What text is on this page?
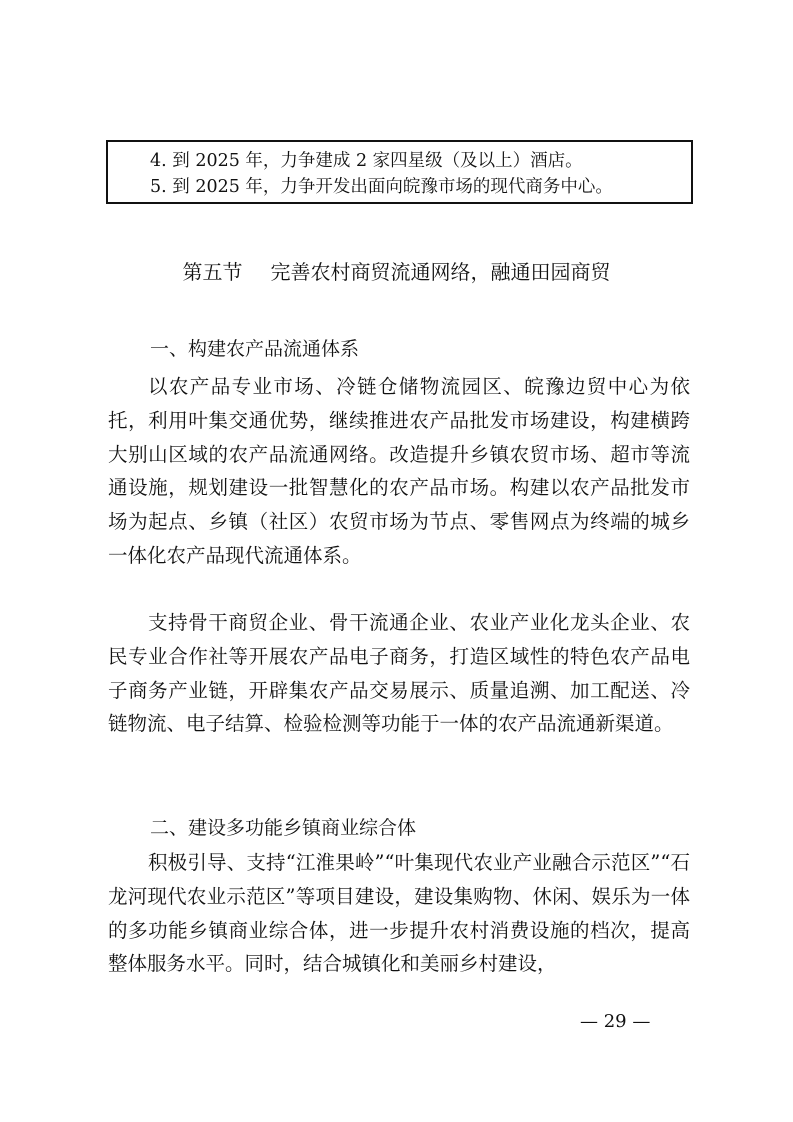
4. 到 2025 年，力争建成 2 家四星级（及以上）酒店。
5. 到 2025 年，力争开发出面向皖豫市场的现代商务中心。
第五节 完善农村商贸流通网络，融通田园商贸
一、构建农产品流通体系

以农产品专业市场、冷链仓储物流园区、皖豫边贸中心为依托，利用叶集交通优势，继续推进农产品批发市场建设，构建横跨大别山区域的农产品流通网络。改造提升乡镇农贸市场、超市等流通设施，规划建设一批智慧化的农产品市场。构建以农产品批发市场为起点、乡镇（社区）农贸市场为节点、零售网点为终端的城乡一体化农产品现代流通体系。

支持骨干商贸企业、骨干流通企业、农业产业化龙头企业、农民专业合作社等开展农产品电子商务，打造区域性的特色农产品电子商务产业链，开辟集农产品交易展示、质量追溯、加工配送、冷链物流、电子结算、检验检测等功能于一体的农产品流通新渠道。

二、建设多功能乡镇商业综合体

积极引导、支持“江淮果岭”“叶集现代农业产业融合示范区”“石龙河现代农业示范区”等项目建设，建设集购物、休闲、娱乐为一体的多功能乡镇商业综合体，进一步提升农村消费设施的档次，提高整体服务水平。同时，结合城镇化和美丽乡村建设，

— 29 —
